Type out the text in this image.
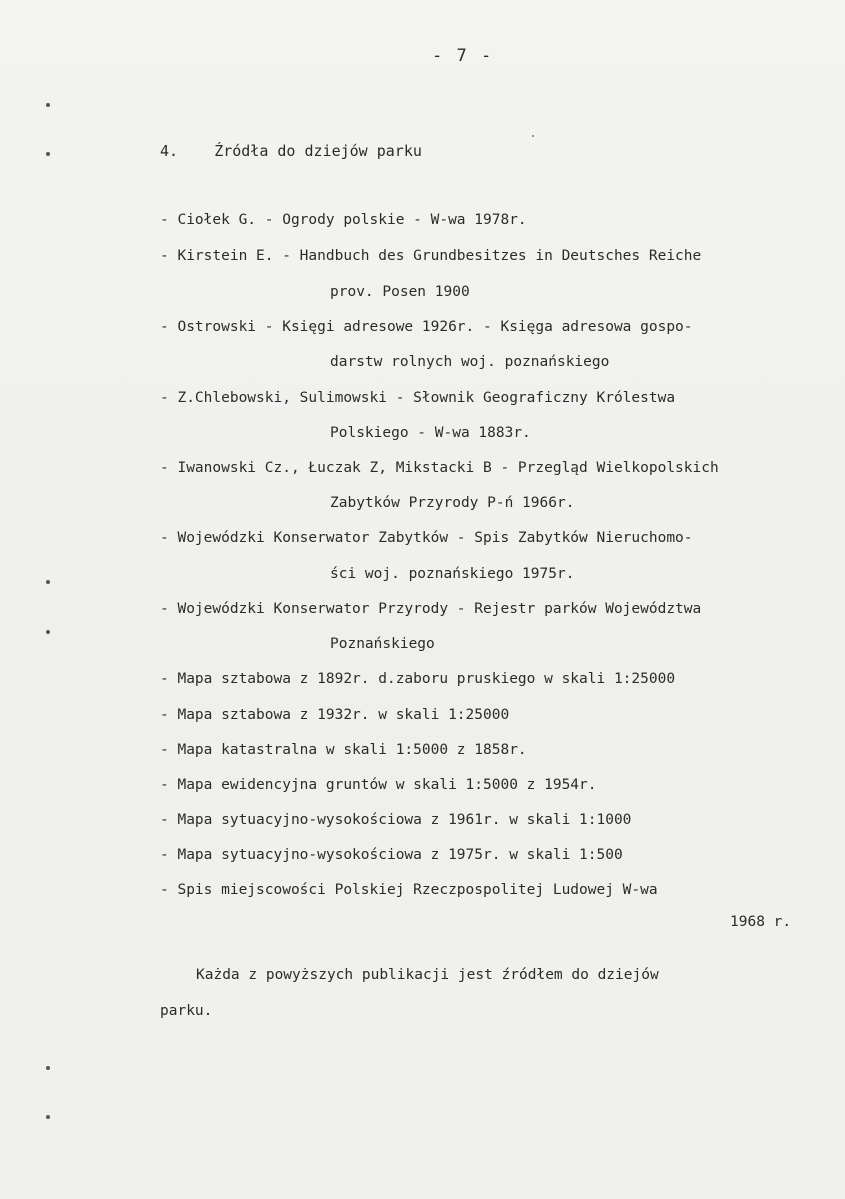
- 7 -
4. Źródła do dziejów parku
- Ciołek G. - Ogrody polskie - W-wa 1978r.
- Kirstein E. - Handbuch des Grundbesitzes in Deutsches Reiche
prov. Posen 1900
- Ostrowski - Księgi adresowe 1926r. - Księga adresowa gospo-
darstw rolnych woj. poznańskiego
- Z.Chlebowski, Sulimowski - Słownik Geograficzny Królestwa
Polskiego - W-wa 1883r.
- Iwanowski Cz., Łuczak Z, Mikstacki B - Przegląd Wielkopolskich
Zabytków Przyrody P-ń 1966r.
- Wojewódzki Konserwator Zabytków - Spis Zabytków Nieruchomo-
ści woj. poznańskiego 1975r.
- Wojewódzki Konserwator Przyrody - Rejestr parków Województwa
Poznańskiego
- Mapa sztabowa z 1892r. d.zaboru pruskiego w skali 1:25000
- Mapa sztabowa z 1932r. w skali 1:25000
- Mapa katastralna w skali 1:5000 z 1858r.
- Mapa ewidencyjna gruntów w skali 1:5000 z 1954r.
- Mapa sytuacyjno-wysokościowa z 1961r. w skali 1:1000
- Mapa sytuacyjno-wysokościowa z 1975r. w skali 1:500
- Spis miejscowości Polskiej Rzeczpospolitej Ludowej W-wa
1968 r.
Każda z powyższych publikacji jest źródłem do dziejów
parku.
